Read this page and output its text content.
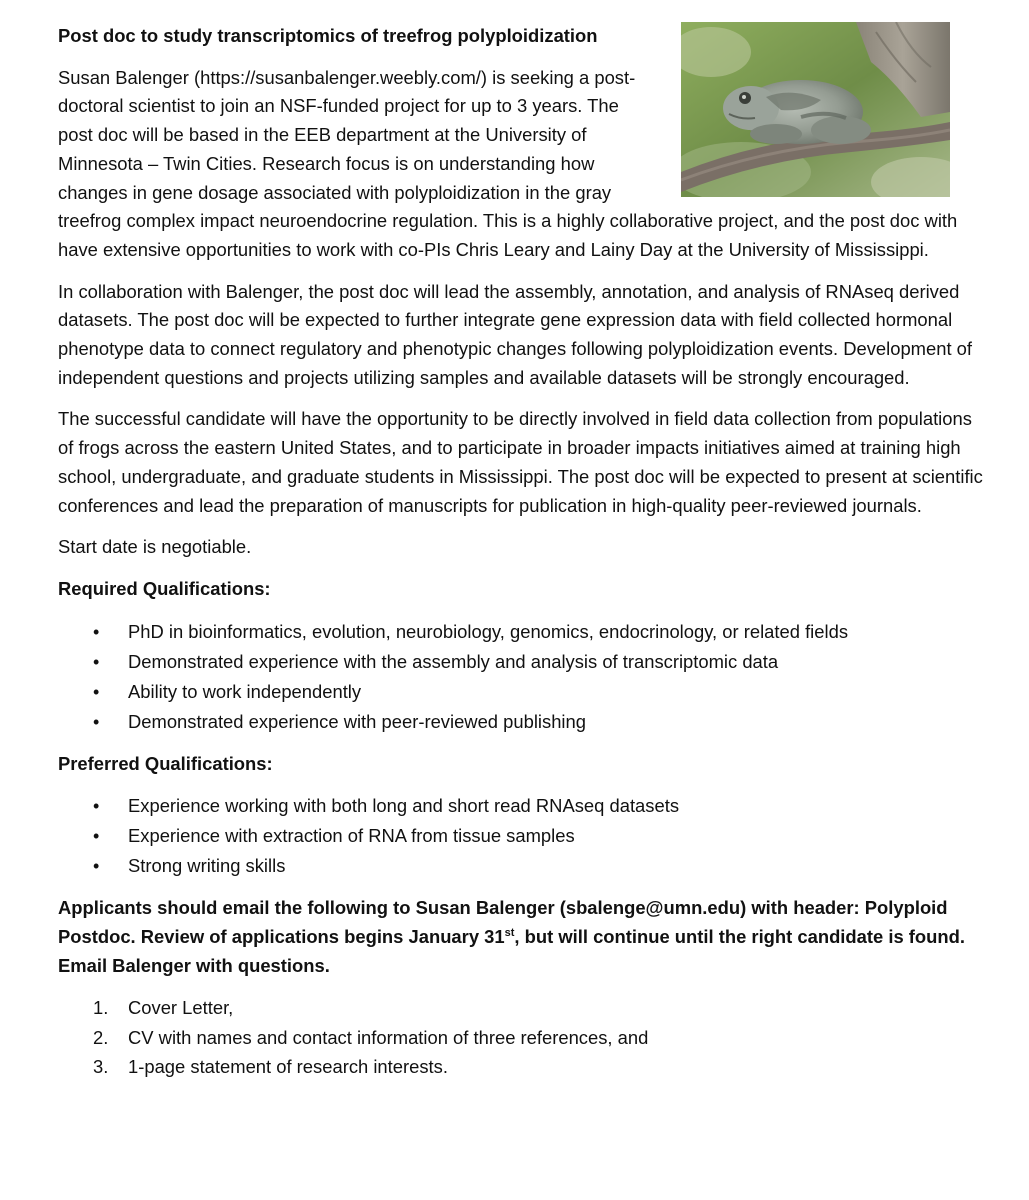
Post doc to study transcriptomics of treefrog polyploidization

Susan Balenger (https://susanbalenger.weebly.com/) is seeking a post-doctoral scientist to join an NSF-funded project for up to 3 years. The post doc will be based in the EEB department at the University of Minnesota – Twin Cities. Research focus is on understanding how changes in gene dosage associated with polyploidization in the gray treefrog complex impact neuroendocrine regulation. This is a highly collaborative project, and the post doc with have extensive opportunities to work with co-PIs Chris Leary and Lainy Day at the University of Mississippi.

In collaboration with Balenger, the post doc will lead the assembly, annotation, and analysis of RNAseq derived datasets. The post doc will be expected to further integrate gene expression data with field collected hormonal phenotype data to connect regulatory and phenotypic changes following polyploidization events. Development of independent questions and projects utilizing samples and available datasets will be strongly encouraged.

The successful candidate will have the opportunity to be directly involved in field data collection from populations of frogs across the eastern United States, and to participate in broader impacts initiatives aimed at training high school, undergraduate, and graduate students in Mississippi. The post doc will be expected to present at scientific conferences and lead the preparation of manuscripts for publication in high-quality peer-reviewed journals.

Start date is negotiable.

Required Qualifications:
• PhD in bioinformatics, evolution, neurobiology, genomics, endocrinology, or related fields
• Demonstrated experience with the assembly and analysis of transcriptomic data
• Ability to work independently
• Demonstrated experience with peer-reviewed publishing
Preferred Qualifications:
• Experience working with both long and short read RNAseq datasets
• Experience with extraction of RNA from tissue samples
• Strong writing skills
Applicants should email the following to Susan Balenger (sbalenge@umn.edu) with header: Polyploid Postdoc. Review of applications begins January 31st, but will continue until the right candidate is found. Email Balenger with questions.
1. Cover Letter,
2. CV with names and contact information of three references, and
3. 1-page statement of research interests.
